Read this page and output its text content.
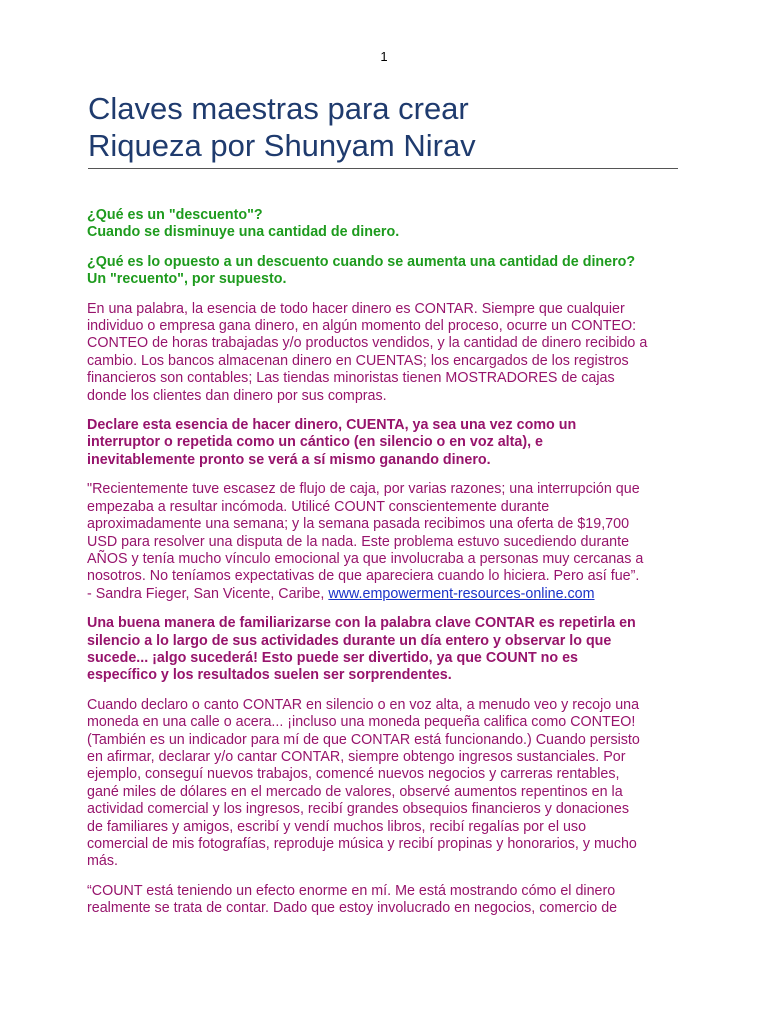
1
Claves maestras para crear
Riqueza por Shunyam Nirav

¿Qué es un "descuento"?
Cuando se disminuye una cantidad de dinero.

¿Qué es lo opuesto a un descuento cuando se aumenta una cantidad de dinero?
Un "recuento", por supuesto.

En una palabra, la esencia de todo hacer dinero es CONTAR. Siempre que cualquier
individuo o empresa gana dinero, en algún momento del proceso, ocurre un CONTEO:
CONTEO de horas trabajadas y/o productos vendidos, y la cantidad de dinero recibido a
cambio. Los bancos almacenan dinero en CUENTAS; los encargados de los registros
financieros son contables; Las tiendas minoristas tienen MOSTRADORES de cajas
donde los clientes dan dinero por sus compras.

Declare esta esencia de hacer dinero, CUENTA, ya sea una vez como un
interruptor o repetida como un cántico (en silencio o en voz alta), e
inevitablemente pronto se verá a sí mismo ganando dinero.

"Recientemente tuve escasez de flujo de caja, por varias razones; una interrupción que
empezaba a resultar incómoda. Utilicé COUNT conscientemente durante
aproximadamente una semana; y la semana pasada recibimos una oferta de $19,700
USD para resolver una disputa de la nada. Este problema estuvo sucediendo durante
AÑOS y tenía mucho vínculo emocional ya que involucraba a personas muy cercanas a
nosotros. No teníamos expectativas de que apareciera cuando lo hiciera. Pero así fue”.
- Sandra Fieger, San Vicente, Caribe, www.empowerment-resources-online.com

Una buena manera de familiarizarse con la palabra clave CONTAR es repetirla en
silencio a lo largo de sus actividades durante un día entero y observar lo que
sucede... ¡algo sucederá! Esto puede ser divertido, ya que COUNT no es
específico y los resultados suelen ser sorprendentes.

Cuando declaro o canto CONTAR en silencio o en voz alta, a menudo veo y recojo una
moneda en una calle o acera... ¡incluso una moneda pequeña califica como CONTEO!
(También es un indicador para mí de que CONTAR está funcionando.) Cuando persisto
en afirmar, declarar y/o cantar CONTAR, siempre obtengo ingresos sustanciales. Por
ejemplo, conseguí nuevos trabajos, comencé nuevos negocios y carreras rentables,
gané miles de dólares en el mercado de valores, observé aumentos repentinos en la
actividad comercial y los ingresos, recibí grandes obsequios financieros y donaciones
de familiares y amigos, escribí y vendí muchos libros, recibí regalías por el uso
comercial de mis fotografías, reproduje música y recibí propinas y honorarios, y mucho
más.

“COUNT está teniendo un efecto enorme en mí. Me está mostrando cómo el dinero
realmente se trata de contar. Dado que estoy involucrado en negocios, comercio de
